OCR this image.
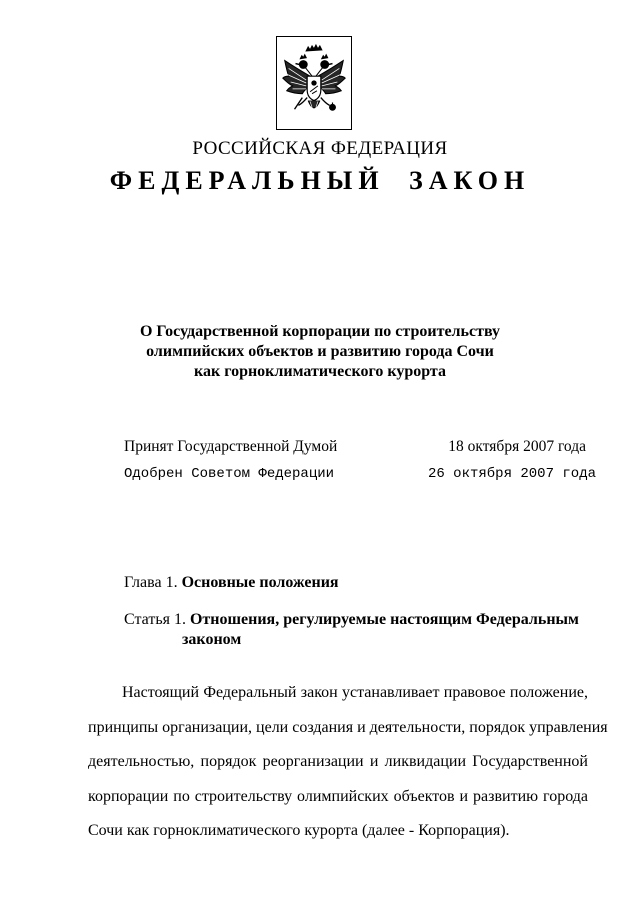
РОССИЙСКАЯ ФЕДЕРАЦИЯ
ФЕДЕРАЛЬНЫЙ ЗАКОН
О Государственной корпорации по строительству
олимпийских объектов и развитию города Сочи
как горноклиматического курорта
Принят Государственной Думой	18 октября 2007 года
Одобрен Советом Федерации	26 октября 2007 года
Глава 1. Основные положения
Статья 1. Отношения, регулируемые настоящим Федеральным
законом
Настоящий Федеральный закон устанавливает правовое положение,
принципы организации, цели создания и деятельности, порядок управления
деятельностью, порядок реорганизации и ликвидации Государственной
корпорации по строительству олимпийских объектов и развитию города
Сочи как горноклиматического курорта (далее - Корпорация).
